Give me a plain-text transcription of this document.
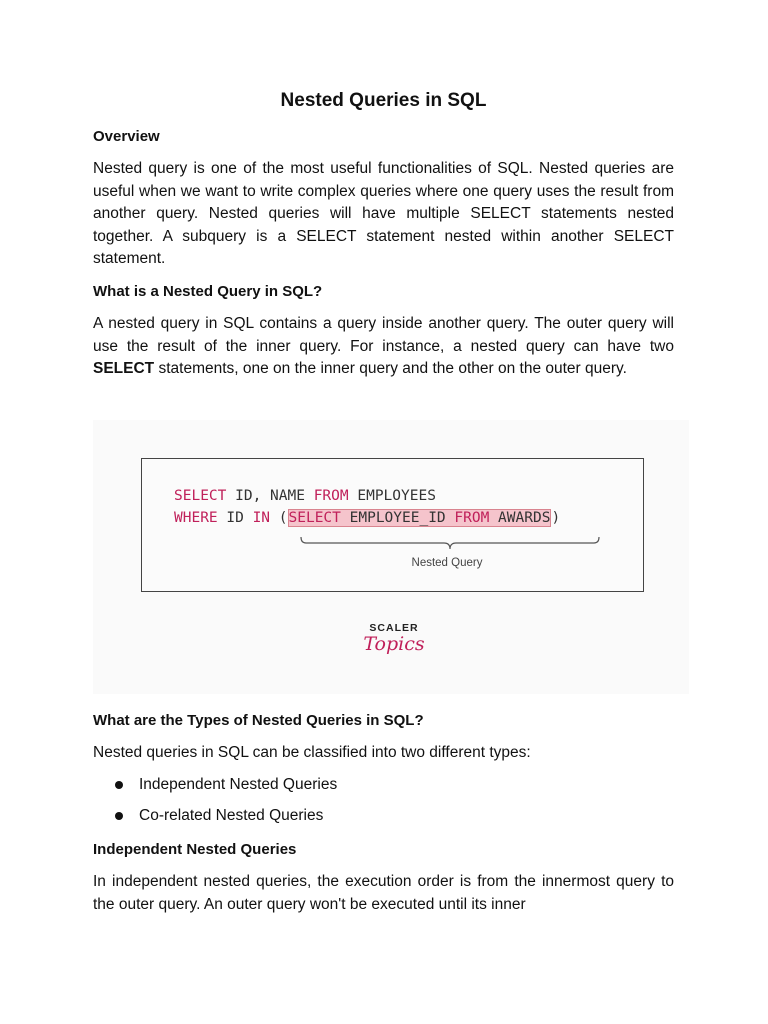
Nested Queries in SQL
Overview

Nested query is one of the most useful functionalities of SQL. Nested queries are useful when we want to write complex queries where one query uses the result from another query. Nested queries will have multiple SELECT statements nested together. A subquery is a SELECT statement nested within another SELECT statement.

What is a Nested Query in SQL?

A nested query in SQL contains a query inside another query. The outer query will use the result of the inner query. For instance, a nested query can have two SELECT statements, one on the inner query and the other on the outer query.

What are the Types of Nested Queries in SQL?

Nested queries in SQL can be classified into two different types:

Independent Nested Queries
Co-related Nested Queries
Independent Nested Queries

In independent nested queries, the execution order is from the innermost query to the outer query. An outer query won't be executed until its inner

SELECT ID, NAME FROM EMPLOYEES
WHERE ID IN (SELECT EMPLOYEE_ID FROM AWARDS)
Nested Query
SCALER
Topics
